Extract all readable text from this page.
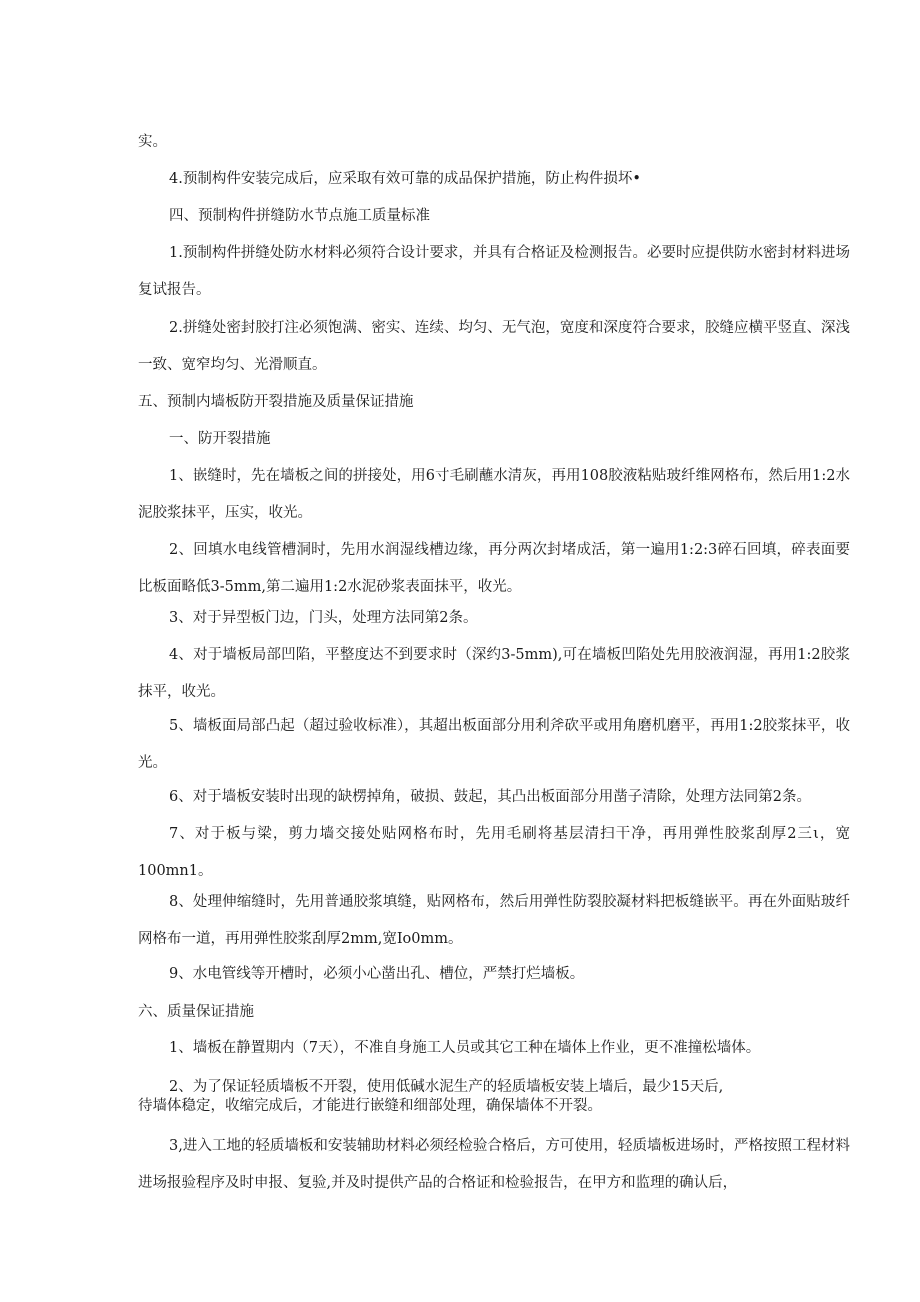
实。

4.预制构件安装完成后，应采取有效可靠的成品保护措施，防止构件损坏•

四、预制构件拼缝防水节点施工质量标准

1.预制构件拼缝处防水材料必须符合设计要求，并具有合格证及检测报告。必要时应提供防水密封材料进场复试报告。

2.拼缝处密封胶打注必须饱满、密实、连续、均匀、无气泡，宽度和深度符合要求，胶缝应横平竖直、深浅一致、宽窄均匀、光滑顺直。

五、预制内墙板防开裂措施及质量保证措施

一、防开裂措施

1、嵌缝时，先在墙板之间的拼接处，用6寸毛刷蘸水清灰，再用108胶液粘贴玻纤维网格布，然后用1:2水泥胶浆抹平，压实，收光。

2、回填水电线管槽洞时，先用水润湿线槽边缘，再分两次封堵成活，第一遍用1:2:3碎石回填，碎表面要比板面略低3-5mm,第二遍用1:2水泥砂浆表面抹平，收光。

3、对于异型板门边，门头，处理方法同第2条。

4、对于墙板局部凹陷，平整度达不到要求时（深约3-5mm),可在墙板凹陷处先用胶液润湿，再用1:2胶浆抹平，收光。

5、墙板面局部凸起（超过验收标准），其超出板面部分用利斧砍平或用角磨机磨平，再用1:2胶浆抹平，收光。

6、对于墙板安装时出现的缺楞掉角，破损、鼓起，其凸出板面部分用凿子清除，处理方法同第2条。

7、对于板与梁，剪力墙交接处贴网格布时，先用毛刷将基层清扫干净，再用弹性胶浆刮厚2三ι，宽100mn1。

8、处理伸缩缝时，先用普通胶浆填缝，贴网格布，然后用弹性防裂胶凝材料把板缝嵌平。再在外面贴玻纤网格布一道，再用弹性胶浆刮厚2mm,宽Io0mm。

9、水电管线等开槽时，必须小心凿出孔、槽位，严禁打烂墙板。

六、质量保证措施

1、墙板在静置期内（7天），不准自身施工人员或其它工种在墙体上作业，更不准撞松墙体。

2、为了保证轻质墙板不开裂，使用低碱水泥生产的轻质墙板安装上墙后，最少15天后,

待墙体稳定，收缩完成后，才能进行嵌缝和细部处理，确保墙体不开裂。

3,进入工地的轻质墙板和安装辅助材料必须经检验合格后，方可使用，轻质墙板进场时，严格按照工程材料进场报验程序及时申报、复验,并及时提供产品的合格证和检验报告，在甲方和监理的确认后，
